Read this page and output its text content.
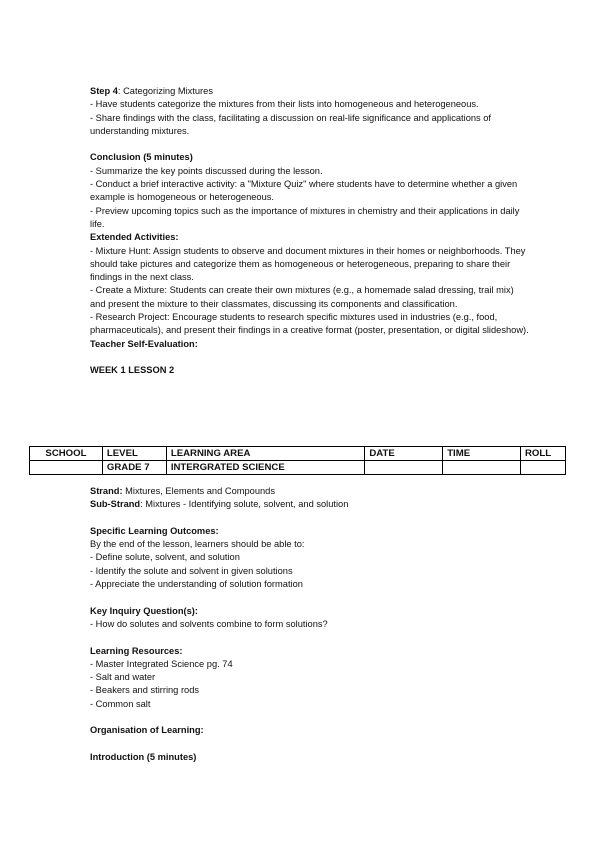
Step 4: Categorizing Mixtures

- Have students categorize the mixtures from their lists into homogeneous and heterogeneous.

- Share findings with the class, facilitating a discussion on real-life significance and applications of understanding mixtures.

Conclusion (5 minutes)

- Summarize the key points discussed during the lesson.

- Conduct a brief interactive activity: a "Mixture Quiz" where students have to determine whether a given example is homogeneous or heterogeneous.

- Preview upcoming topics such as the importance of mixtures in chemistry and their applications in daily life.

Extended Activities:

- Mixture Hunt: Assign students to observe and document mixtures in their homes or neighborhoods. They should take pictures and categorize them as homogeneous or heterogeneous, preparing to share their findings in the next class.

- Create a Mixture: Students can create their own mixtures (e.g., a homemade salad dressing, trail mix) and present the mixture to their classmates, discussing its components and classification.

- Research Project: Encourage students to research specific mixtures used in industries (e.g., food, pharmaceuticals), and present their findings in a creative format (poster, presentation, or digital slideshow).

Teacher Self-Evaluation:

WEEK 1 LESSON 2

SCHOOL	LEVEL	LEARNING AREA	DATE	TIME	ROLL
	GRADE 7	INTERGRATED SCIENCE			

Strand: Mixtures, Elements and Compounds

Sub-Strand: Mixtures - Identifying solute, solvent, and solution

Specific Learning Outcomes:

By the end of the lesson, learners should be able to:

- Define solute, solvent, and solution

- Identify the solute and solvent in given solutions

- Appreciate the understanding of solution formation

Key Inquiry Question(s):

- How do solutes and solvents combine to form solutions?

Learning Resources:

- Master Integrated Science pg. 74

- Salt and water

- Beakers and stirring rods

- Common salt

Organisation of Learning:

Introduction (5 minutes)
